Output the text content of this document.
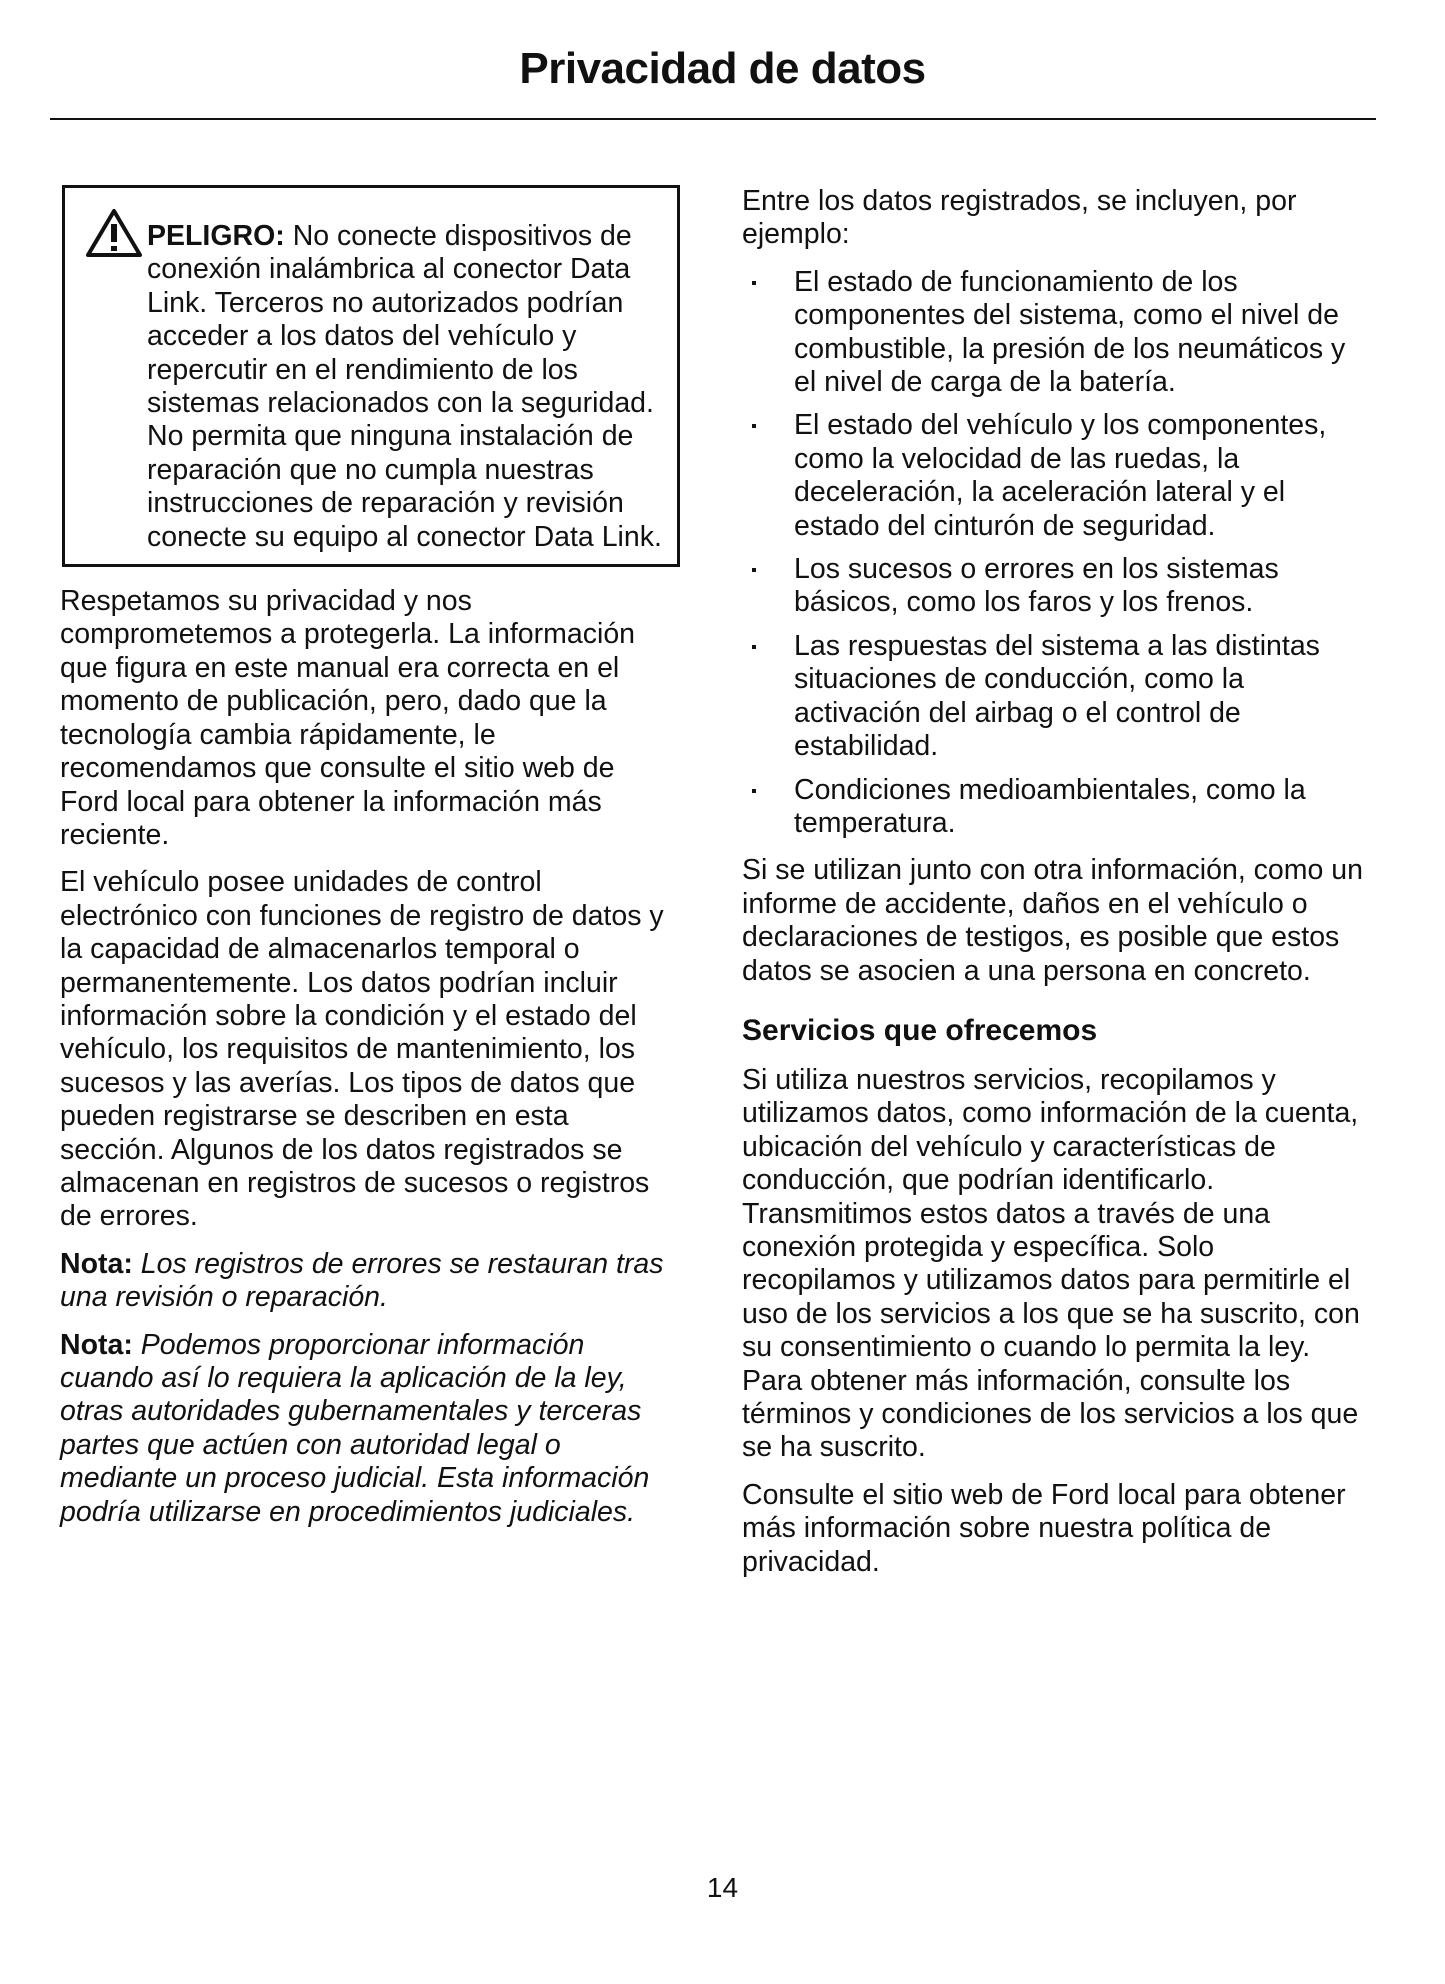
Privacidad de datos
PELIGRO: No conecte dispositivos de conexión inalámbrica al conector Data Link. Terceros no autorizados podrían acceder a los datos del vehículo y repercutir en el rendimiento de los sistemas relacionados con la seguridad. No permita que ninguna instalación de reparación que no cumpla nuestras instrucciones de reparación y revisión conecte su equipo al conector Data Link.

Respetamos su privacidad y nos comprometemos a protegerla. La información que figura en este manual era correcta en el momento de publicación, pero, dado que la tecnología cambia rápidamente, le recomendamos que consulte el sitio web de Ford local para obtener la información más reciente.

El vehículo posee unidades de control electrónico con funciones de registro de datos y la capacidad de almacenarlos temporal o permanentemente. Los datos podrían incluir información sobre la condición y el estado del vehículo, los requisitos de mantenimiento, los sucesos y las averías. Los tipos de datos que pueden registrarse se describen en esta sección. Algunos de los datos registrados se almacenan en registros de sucesos o registros de errores.

Nota: Los registros de errores se restauran tras una revisión o reparación.

Nota: Podemos proporcionar información cuando así lo requiera la aplicación de la ley, otras autoridades gubernamentales y terceras partes que actúen con autoridad legal o mediante un proceso judicial. Esta información podría utilizarse en procedimientos judiciales.

Entre los datos registrados, se incluyen, por ejemplo:

El estado de funcionamiento de los componentes del sistema, como el nivel de combustible, la presión de los neumáticos y el nivel de carga de la batería.
El estado del vehículo y los componentes, como la velocidad de las ruedas, la deceleración, la aceleración lateral y el estado del cinturón de seguridad.
Los sucesos o errores en los sistemas básicos, como los faros y los frenos.
Las respuestas del sistema a las distintas situaciones de conducción, como la activación del airbag o el control de estabilidad.
Condiciones medioambientales, como la temperatura.

Si se utilizan junto con otra información, como un informe de accidente, daños en el vehículo o declaraciones de testigos, es posible que estos datos se asocien a una persona en concreto.

Servicios que ofrecemos

Si utiliza nuestros servicios, recopilamos y utilizamos datos, como información de la cuenta, ubicación del vehículo y características de conducción, que podrían identificarlo. Transmitimos estos datos a través de una conexión protegida y específica. Solo recopilamos y utilizamos datos para permitirle el uso de los servicios a los que se ha suscrito, con su consentimiento o cuando lo permita la ley. Para obtener más información, consulte los términos y condiciones de los servicios a los que se ha suscrito.

Consulte el sitio web de Ford local para obtener más información sobre nuestra política de privacidad.

14
